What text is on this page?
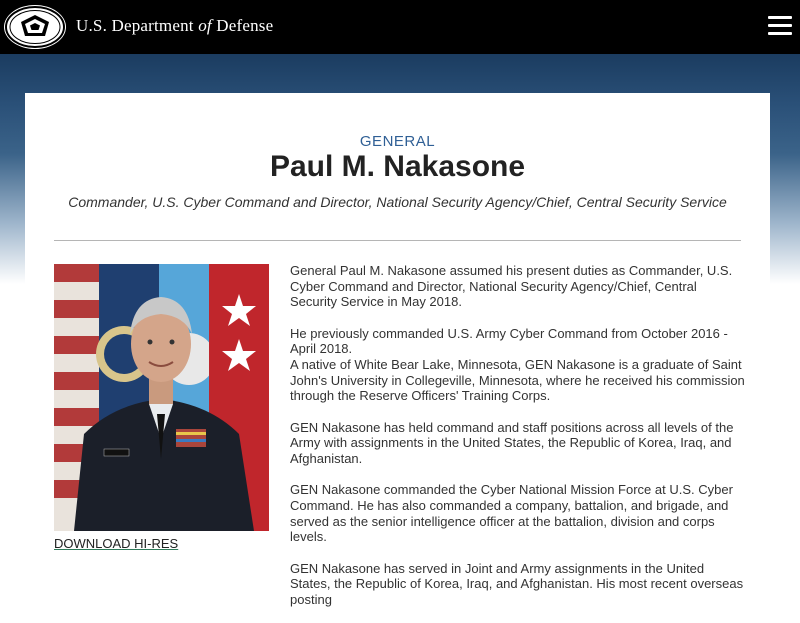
U.S. Department of Defense
GENERAL
Paul M. Nakasone
Commander, U.S. Cyber Command and Director, National Security Agency/Chief, Central Security Service
DOWNLOAD HI-RES

General Paul M. Nakasone assumed his present duties as Commander, U.S. Cyber Command and Director, National Security Agency/Chief, Central Security Service in May 2018.

He previously commanded U.S. Army Cyber Command from October 2016 - April 2018.

A native of White Bear Lake, Minnesota, GEN Nakasone is a graduate of Saint John's University in Collegeville, Minnesota, where he received his commission through the Reserve Officers' Training Corps.

GEN Nakasone has held command and staff positions across all levels of the Army with assignments in the United States, the Republic of Korea, Iraq, and Afghanistan.

GEN Nakasone commanded the Cyber National Mission Force at U.S. Cyber Command. He has also commanded a company, battalion, and brigade, and served as the senior intelligence officer at the battalion, division and corps levels.

GEN Nakasone has served in Joint and Army assignments in the United States, the Republic of Korea, Iraq, and Afghanistan. His most recent overseas posting
